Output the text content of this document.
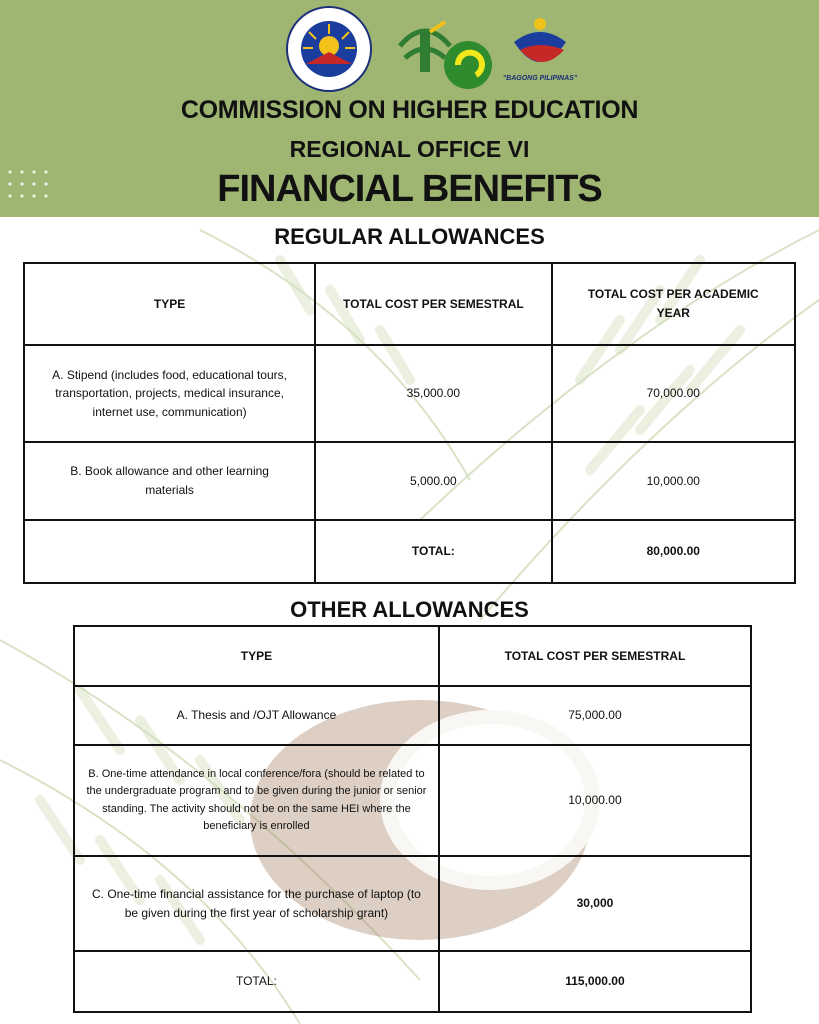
"BAGONG PILIPINAS"
COMMISSION ON HIGHER EDUCATION
REGIONAL OFFICE VI
FINANCIAL BENEFITS
REGULAR ALLOWANCES
TYPE	TOTAL COST PER SEMESTRAL	TOTAL COST PER ACADEMIC YEAR
A. Stipend (includes food, educational tours, transportation, projects, medical insurance, internet use, communication)	35,000.00	70,000.00
B. Book allowance and other learning materials	5,000.00	10,000.00
	TOTAL:	80,000.00
OTHER ALLOWANCES
TYPE	TOTAL COST PER SEMESTRAL
A. Thesis and /OJT Allowance	75,000.00
B. One-time attendance in local conference/fora (should be related to the undergraduate program and to be given during the junior or senior standing. The activity should not be on the same HEI where the beneficiary is enrolled	10,000.00
C. One-time financial assistance for the purchase of laptop (to be given during the first year of scholarship grant)	30,000
TOTAL:	115,000.00
